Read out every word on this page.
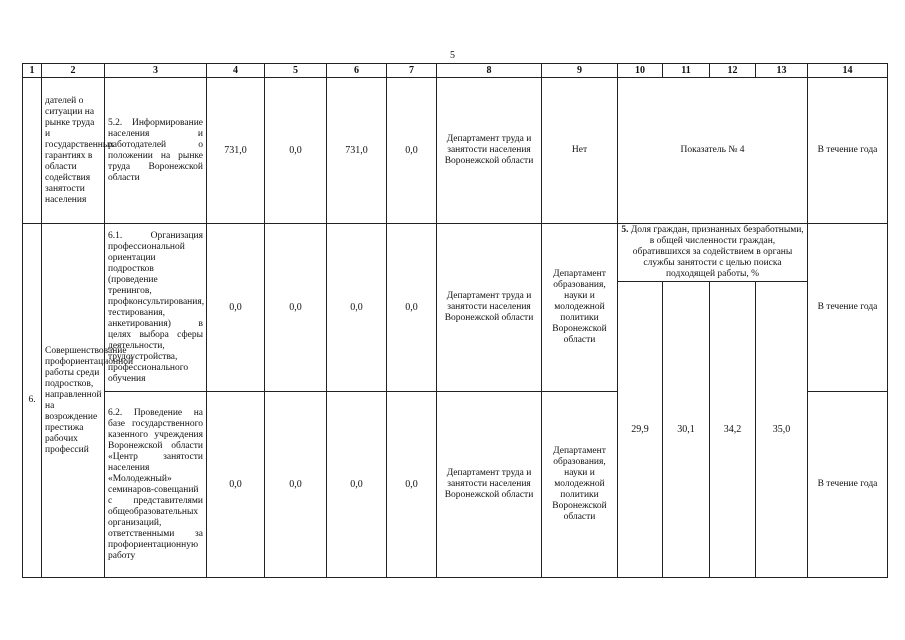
5
1	2	3	4	5	6	7	8	9	10	11	12	13	14
	дателей о ситуации на рынке труда и государственных гарантиях в области содействия занятости населения	5.2. Информирование населения и работодателей о положении на рынке труда Воронежской области	731,0	0,0	731,0	0,0	Департамент труда и занятости населения Воронежской области	Нет	Показатель № 4				В течение года
6.	Совершенствование профориентационной работы среди подростков, направленной на возрождение престижа рабочих профессий	6.1. Организация профессиональной ориентации подростков (проведение тренингов, профконсультирования, тестирования, анкетирования) в целях выбора сферы деятельности, трудоустройства, профессионального обучения	0,0	0,0	0,0	0,0	Департамент труда и занятости населения Воронежской области	Департамент образования, науки и молодежной политики Воронежской области	5. Доля граждан, признанных безработными, в общей численности граждан, обратившихся за содействием в органы службы занятости с целью поиска подходящей работы, %				В течение года
									29,9	30,1	34,2	35,0	
		6.2. Проведение на базе государственного казенного учреждения Воронежской области «Центр занятости населения «Молодежный» семинаров-совещаний с представителями общеобразовательных организаций, ответственными за профориентационную работу	0,0	0,0	0,0	0,0	Департамент труда и занятости населения Воронежской области	Департамент образования, науки и молодежной политики Воронежской области					В течение года
